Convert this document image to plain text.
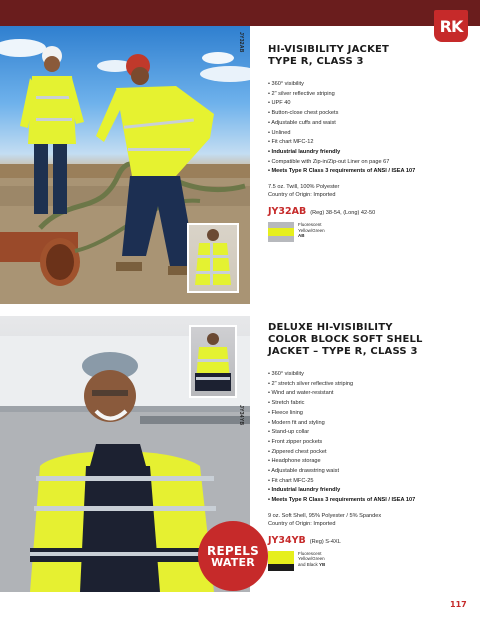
RK
JY32AB HI-VISIBILITY JACKET
TYPE R, CLASS 3
• 360° visibility
• 2" silver reflective striping
• UPF 40
• Button-close chest pockets
• Adjustable cuffs and waist
• Unlined
• Fit chart MFC-12
• Industrial laundry friendly
• Compatible with Zip-in/Zip-out Liner on page 67
• Meets Type R Class 3 requirements of ANSI / ISEA 107
7.5 oz. Twill, 100% Polyester
Country of Origin: Imported
JY32AB (Reg) 38-54, (Long) 42-50
Fluorescent
Yellow/Green
AB
JY34YB
REPELS
WATER
DELUXE HI-VISIBILITY
COLOR BLOCK SOFT SHELL
JACKET – TYPE R, CLASS 3
• 360° visibility
• 2" stretch silver reflective striping
• Wind and water-resistant
• Stretch fabric
• Fleece lining
• Modern fit and styling
• Stand-up collar
• Front zipper pockets
• Zippered chest pocket
• Headphone storage
• Adjustable drawstring waist
• Fit chart MFC-25
• Industrial laundry friendly
• Meets Type R Class 3 requirements of ANSI / ISEA 107
9 oz. Soft Shell, 95% Polyester / 5% Spandex
Country of Origin: Imported
JY34YB (Reg) S-4XL
Fluorescent
Yellow/Green
and Black YB
117
